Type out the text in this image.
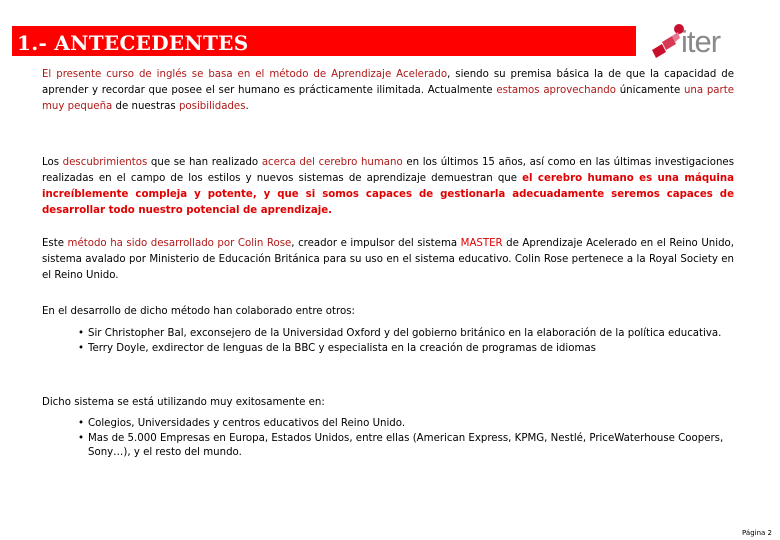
1.- ANTECEDENTES	iter
El presente curso de inglés se basa en el método de Aprendizaje Acelerado, siendo su premisa básica la de que la capacidad de aprender y recordar que posee el ser humano es prácticamente ilimitada. Actualmente estamos aprovechando únicamente una parte muy pequeña de nuestras posibilidades.
Los descubrimientos que se han realizado acerca del cerebro humano en los últimos 15 años, así como en las últimas investigaciones realizadas en el campo de los estilos y nuevos sistemas de aprendizaje demuestran que el cerebro humano es una máquina increíblemente compleja y potente, y que si somos capaces de gestionarla adecuadamente seremos capaces de desarrollar todo nuestro potencial de aprendizaje.
Este método ha sido desarrollado por Colin Rose, creador e impulsor del sistema MASTER de Aprendizaje Acelerado en el Reino Unido, sistema avalado por Ministerio de Educación Británica para su uso en el sistema educativo. Colin Rose pertenece a la Royal Society en el Reino Unido.
En el desarrollo de dicho método han colaborado entre otros:
• Sir Christopher Bal, exconsejero de la Universidad Oxford y del gobierno británico en la elaboración de la política educativa.
• Terry Doyle, exdirector de lenguas de la BBC y especialista en la creación de programas de idiomas
Dicho sistema se está utilizando muy exitosamente en:
• Colegios, Universidades y centros educativos del Reino Unido.
• Mas de 5.000 Empresas en Europa, Estados Unidos, entre ellas (American Express, KPMG, Nestlé, PriceWaterhouse Coopers, Sony…), y el resto del mundo.
Página 2
